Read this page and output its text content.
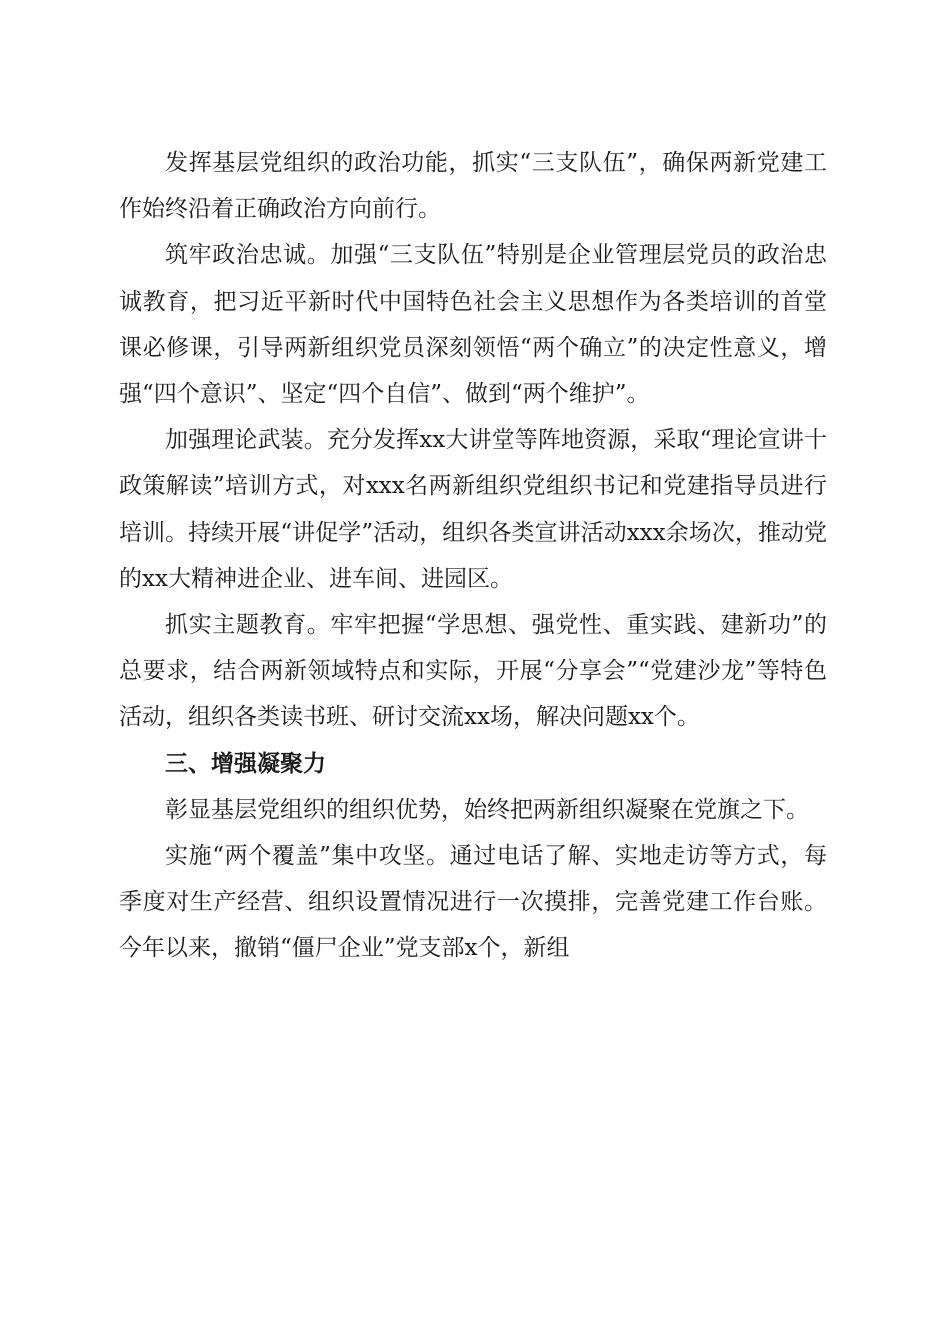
发挥基层党组织的政治功能，抓实“三支队伍”，确保两新党建工作始终沿着正确政治方向前行。

筑牢政治忠诚。加强“三支队伍”特别是企业管理层党员的政治忠诚教育，把习近平新时代中国特色社会主义思想作为各类培训的首堂课必修课，引导两新组织党员深刻领悟“两个确立”的决定性意义，增强“四个意识”、坚定“四个自信”、做到“两个维护”。

加强理论武装。充分发挥xx大讲堂等阵地资源，采取“理论宣讲十政策解读”培训方式，对xxx名两新组织党组织书记和党建指导员进行培训。持续开展“讲促学”活动，组织各类宣讲活动xxx余场次，推动党的xx大精神进企业、进车间、进园区。

抓实主题教育。牢牢把握“学思想、强党性、重实践、建新功”的总要求，结合两新领域特点和实际，开展“分享会”“党建沙龙”等特色活动，组织各类读书班、研讨交流xx场，解决问题xx个。

三、增强凝聚力

彰显基层党组织的组织优势，始终把两新组织凝聚在党旗之下。

实施“两个覆盖”集中攻坚。通过电话了解、实地走访等方式，每季度对生产经营、组织设置情况进行一次摸排，完善党建工作台账。今年以来，撤销“僵尸企业”党支部x个，新组
